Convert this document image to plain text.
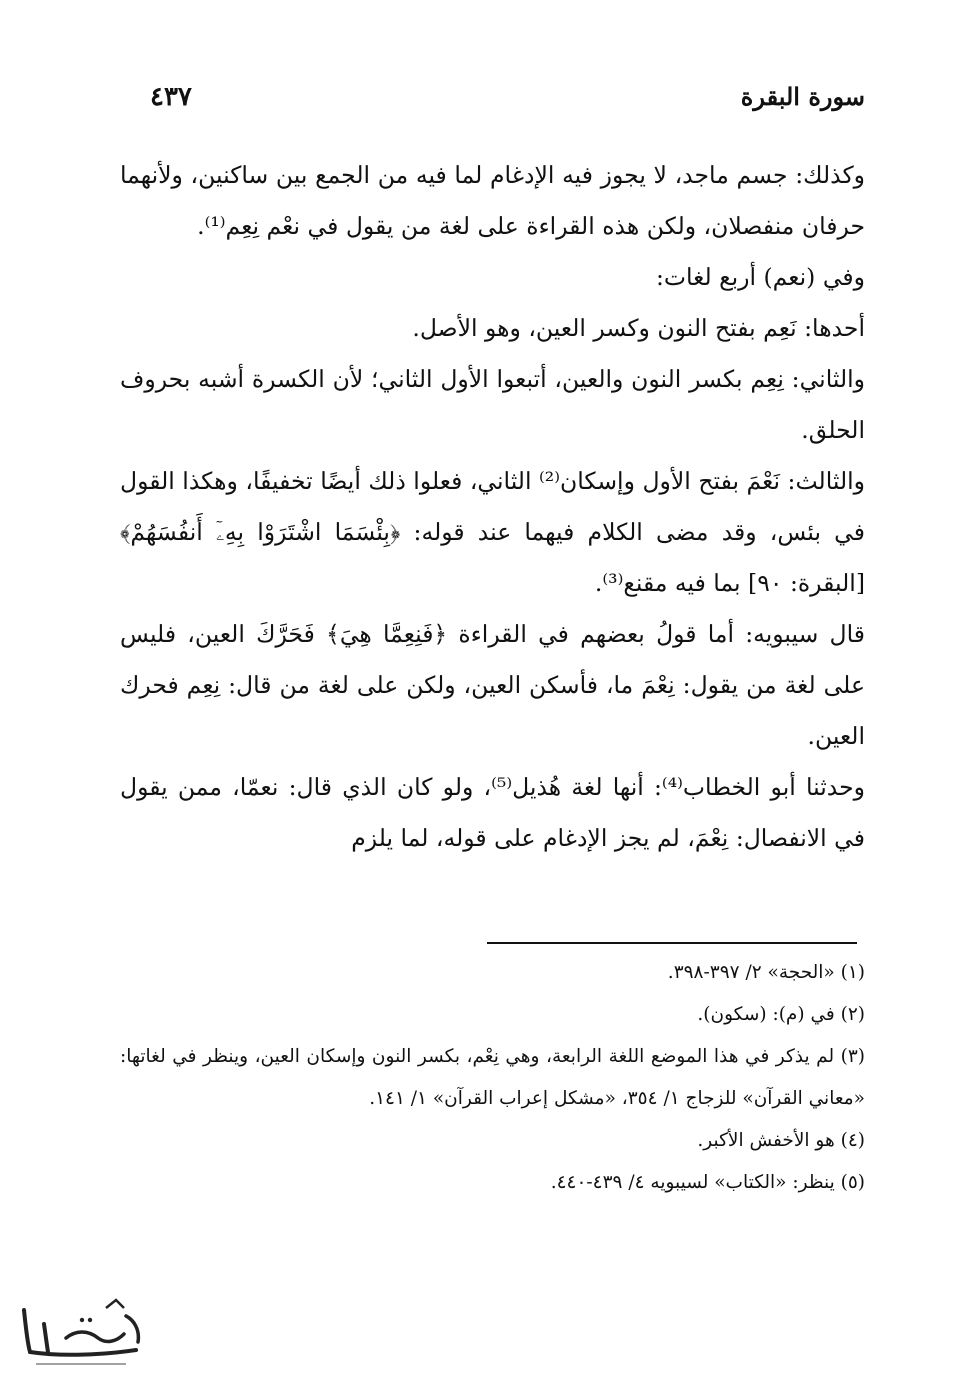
سورة البقرة
٤٣٧

وكذلك: جسم ماجد، لا يجوز فيه الإدغام لما فيه من الجمع بين ساكنين، ولأنهما حرفان منفصلان، ولكن هذه القراءة على لغة من يقول في نعْم نِعِم⁽¹⁾.

وفي (نعم) أربع لغات:

أحدها: نَعِم بفتح النون وكسر العين، وهو الأصل.

والثاني: نِعِم بكسر النون والعين، أتبعوا الأول الثاني؛ لأن الكسرة أشبه بحروف الحلق.

والثالث: نَعْمَ بفتح الأول وإسكان⁽²⁾ الثاني، فعلوا ذلك أيضًا تخفيفًا، وهكذا القول في بئس، وقد مضى الكلام فيهما عند قوله: ﴿بِئْسَمَا اشْتَرَوْا بِهِۦٓ أَنفُسَهُمْ﴾ [البقرة: ٩٠] بما فيه مقنع⁽³⁾.

قال سيبويه: أما قولُ بعضهم في القراءة ﴿فَنِعِمَّا هِيَ﴾ فَحَرَّكَ العين، فليس على لغة من يقول: نِعْمَ ما، فأسكن العين، ولكن على لغة من قال: نِعِم فحرك العين.

وحدثنا أبو الخطاب⁽⁴⁾: أنها لغة هُذيل⁽⁵⁾، ولو كان الذي قال: نعمّا، ممن يقول في الانفصال: نِعْمَ، لم يجز الإدغام على قوله، لما يلزم

(١) «الحجة» ٢/ ٣٩٧-٣٩٨.

(٢) في (م): (سكون).

(٣) لم يذكر في هذا الموضع اللغة الرابعة، وهي نِعْم، بكسر النون وإسكان العين، وينظر في لغاتها: «معاني القرآن» للزجاج ١/ ٣٥٤، «مشكل إعراب القرآن» ١/ ١٤١.

(٤) هو الأخفش الأكبر.

(٥) ينظر: «الكتاب» لسيبويه ٤/ ٤٣٩-٤٤٠.
